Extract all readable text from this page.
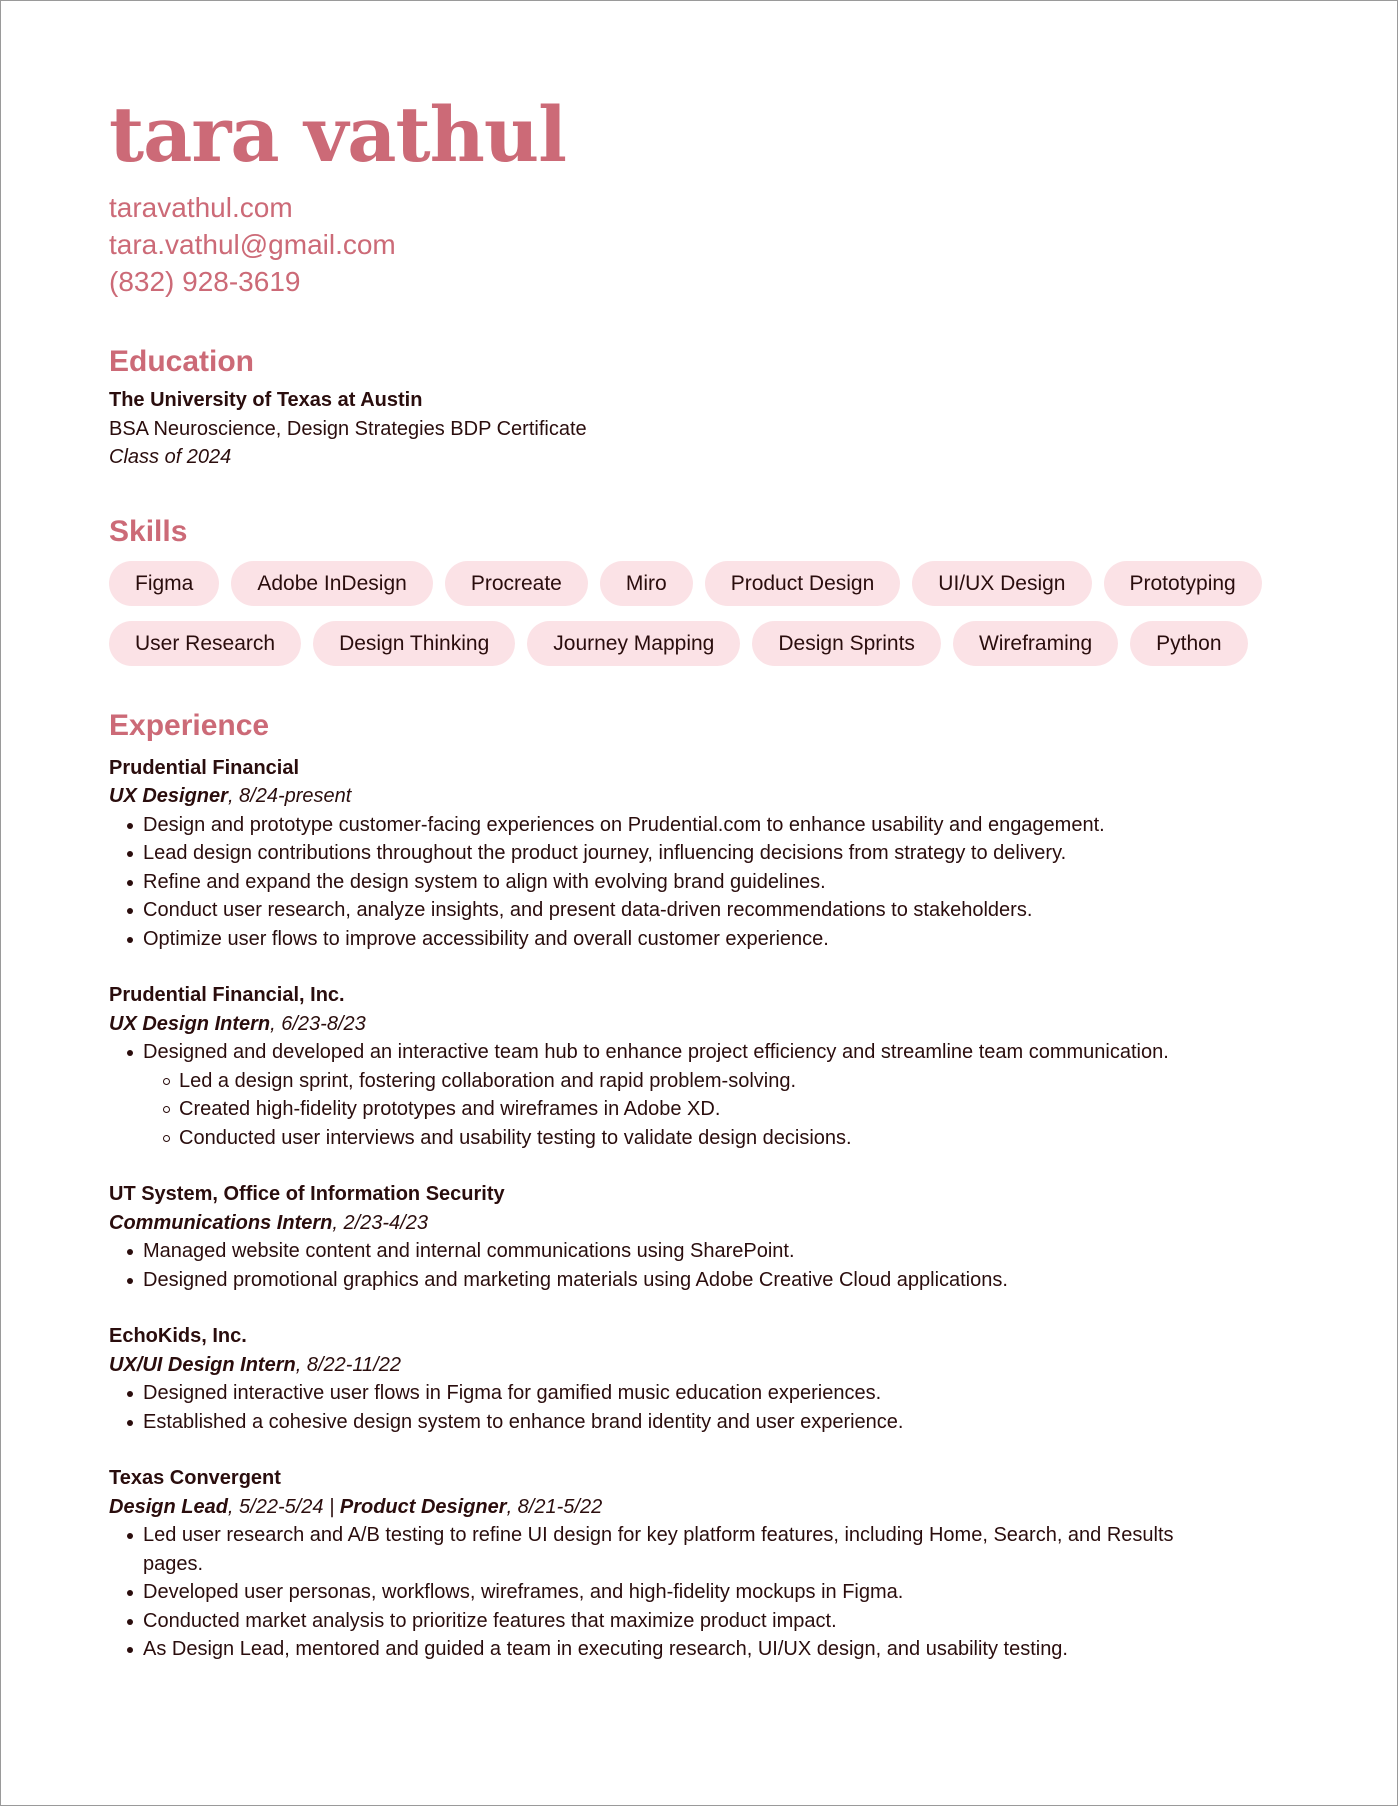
tara vathul
taravathul.com
tara.vathul@gmail.com
(832) 928-3619
Education
The University of Texas at Austin
BSA Neuroscience, Design Strategies BDP Certificate
Class of 2024
Skills
Figma	Adobe InDesign	Procreate	Miro	Product Design	UI/UX Design	Prototyping
User Research	Design Thinking	Journey Mapping	Design Sprints	Wireframing	Python
Experience
Prudential Financial
UX Designer, 8/24-present
Design and prototype customer-facing experiences on Prudential.com to enhance usability and engagement.
Lead design contributions throughout the product journey, influencing decisions from strategy to delivery.
Refine and expand the design system to align with evolving brand guidelines.
Conduct user research, analyze insights, and present data-driven recommendations to stakeholders.
Optimize user flows to improve accessibility and overall customer experience.
Prudential Financial, Inc.
UX Design Intern, 6/23-8/23
Designed and developed an interactive team hub to enhance project efficiency and streamline team communication.
Led a design sprint, fostering collaboration and rapid problem-solving.
Created high-fidelity prototypes and wireframes in Adobe XD.
Conducted user interviews and usability testing to validate design decisions.
UT System, Office of Information Security
Communications Intern, 2/23-4/23
Managed website content and internal communications using SharePoint.
Designed promotional graphics and marketing materials using Adobe Creative Cloud applications.
EchoKids, Inc.
UX/UI Design Intern, 8/22-11/22
Designed interactive user flows in Figma for gamified music education experiences.
Established a cohesive design system to enhance brand identity and user experience.
Texas Convergent
Design Lead, 5/22-5/24 | Product Designer, 8/21-5/22
Led user research and A/B testing to refine UI design for key platform features, including Home, Search, and Results pages.
Developed user personas, workflows, wireframes, and high-fidelity mockups in Figma.
Conducted market analysis to prioritize features that maximize product impact.
As Design Lead, mentored and guided a team in executing research, UI/UX design, and usability testing.
